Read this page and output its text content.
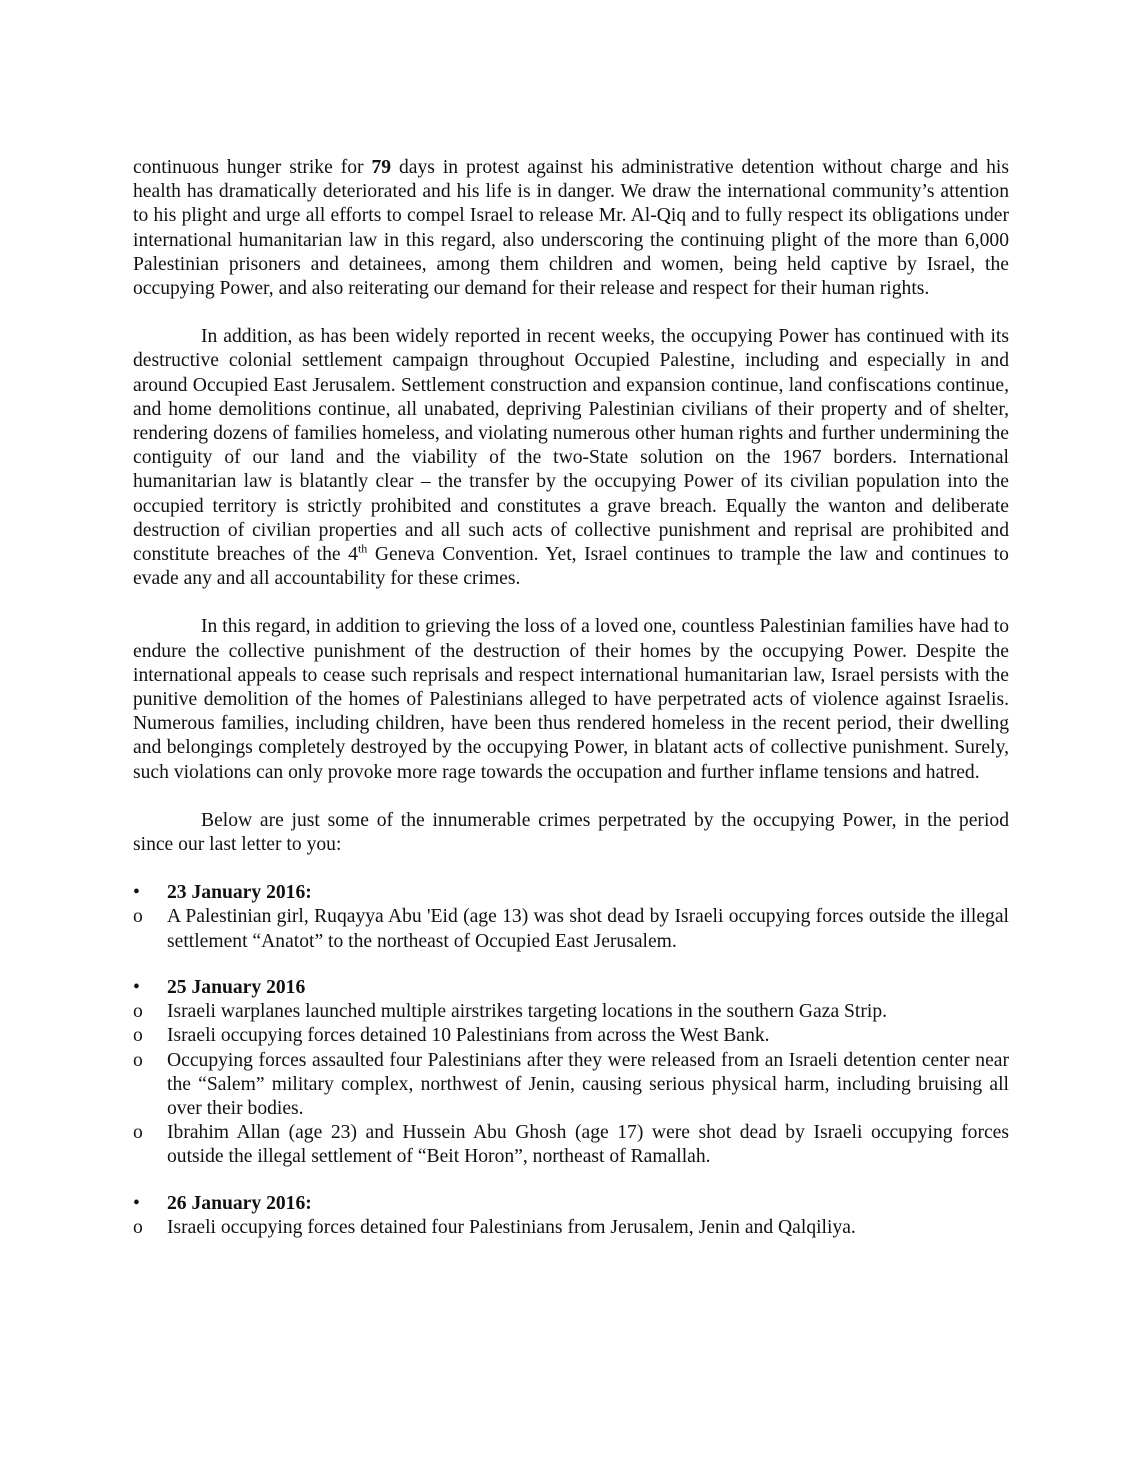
continuous hunger strike for 79 days in protest against his administrative detention without charge and his health has dramatically deteriorated and his life is in danger. We draw the international community’s attention to his plight and urge all efforts to compel Israel to release Mr. Al-Qiq and to fully respect its obligations under international humanitarian law in this regard, also underscoring the continuing plight of the more than 6,000 Palestinian prisoners and detainees, among them children and women, being held captive by Israel, the occupying Power, and also reiterating our demand for their release and respect for their human rights.

In addition, as has been widely reported in recent weeks, the occupying Power has continued with its destructive colonial settlement campaign throughout Occupied Palestine, including and especially in and around Occupied East Jerusalem. Settlement construction and expansion continue, land confiscations continue, and home demolitions continue, all unabated, depriving Palestinian civilians of their property and of shelter, rendering dozens of families homeless, and violating numerous other human rights and further undermining the contiguity of our land and the viability of the two-State solution on the 1967 borders. International humanitarian law is blatantly clear – the transfer by the occupying Power of its civilian population into the occupied territory is strictly prohibited and constitutes a grave breach. Equally the wanton and deliberate destruction of civilian properties and all such acts of collective punishment and reprisal are prohibited and constitute breaches of the 4th Geneva Convention. Yet, Israel continues to trample the law and continues to evade any and all accountability for these crimes.

In this regard, in addition to grieving the loss of a loved one, countless Palestinian families have had to endure the collective punishment of the destruction of their homes by the occupying Power. Despite the international appeals to cease such reprisals and respect international humanitarian law, Israel persists with the punitive demolition of the homes of Palestinians alleged to have perpetrated acts of violence against Israelis. Numerous families, including children, have been thus rendered homeless in the recent period, their dwelling and belongings completely destroyed by the occupying Power, in blatant acts of collective punishment. Surely, such violations can only provoke more rage towards the occupation and further inflame tensions and hatred.

Below are just some of the innumerable crimes perpetrated by the occupying Power, in the period since our last letter to you:

• 23 January 2016:

o A Palestinian girl, Ruqayya Abu 'Eid (age 13) was shot dead by Israeli occupying forces outside the illegal settlement “Anatot” to the northeast of Occupied East Jerusalem.

• 25 January 2016

o Israeli warplanes launched multiple airstrikes targeting locations in the southern Gaza Strip.

o Israeli occupying forces detained 10 Palestinians from across the West Bank.

o Occupying forces assaulted four Palestinians after they were released from an Israeli detention center near the “Salem” military complex, northwest of Jenin, causing serious physical harm, including bruising all over their bodies.

o Ibrahim Allan (age 23) and Hussein Abu Ghosh (age 17) were shot dead by Israeli occupying forces outside the illegal settlement of “Beit Horon”, northeast of Ramallah.

• 26 January 2016:

o Israeli occupying forces detained four Palestinians from Jerusalem, Jenin and Qalqiliya.
